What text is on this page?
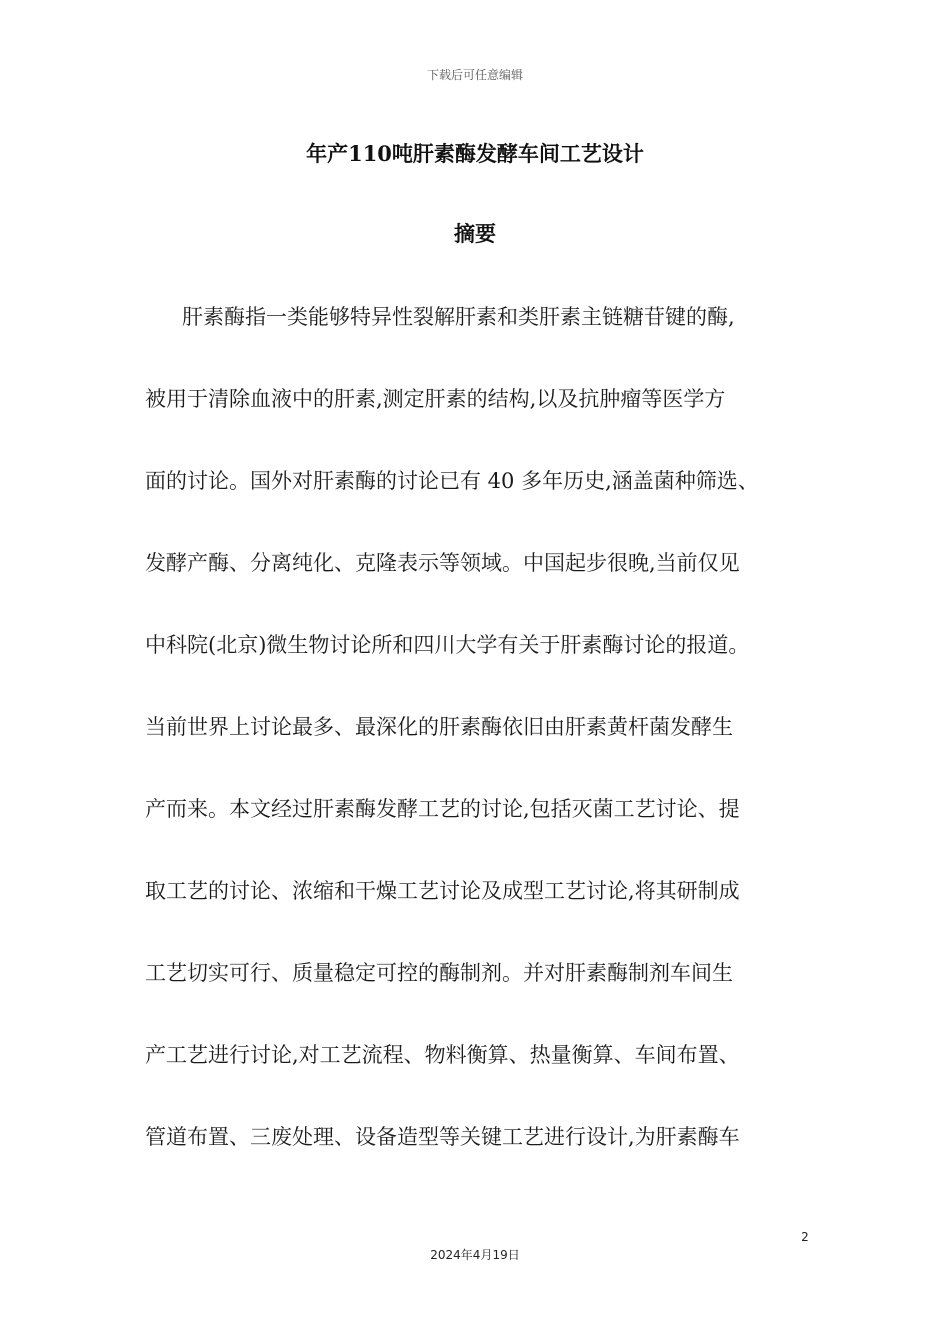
下载后可任意编辑
年产110吨肝素酶发酵车间工艺设计
摘要
肝素酶指一类能够特异性裂解肝素和类肝素主链糖苷键的酶,
被用于清除血液中的肝素,测定肝素的结构,以及抗肿瘤等医学方
面的讨论。国外对肝素酶的讨论已有 40 多年历史,涵盖菌种筛选、
发酵产酶、分离纯化、克隆表示等领域。中国起步很晚,当前仅见
中科院(北京)微生物讨论所和四川大学有关于肝素酶讨论的报道。
当前世界上讨论最多、最深化的肝素酶依旧由肝素黄杆菌发酵生
产而来。本文经过肝素酶发酵工艺的讨论,包括灭菌工艺讨论、提
取工艺的讨论、浓缩和干燥工艺讨论及成型工艺讨论,将其研制成
工艺切实可行、质量稳定可控的酶制剂。并对肝素酶制剂车间生
产工艺进行讨论,对工艺流程、物料衡算、热量衡算、车间布置、
管道布置、三废处理、设备造型等关键工艺进行设计,为肝素酶车
2
2024年4月19日
